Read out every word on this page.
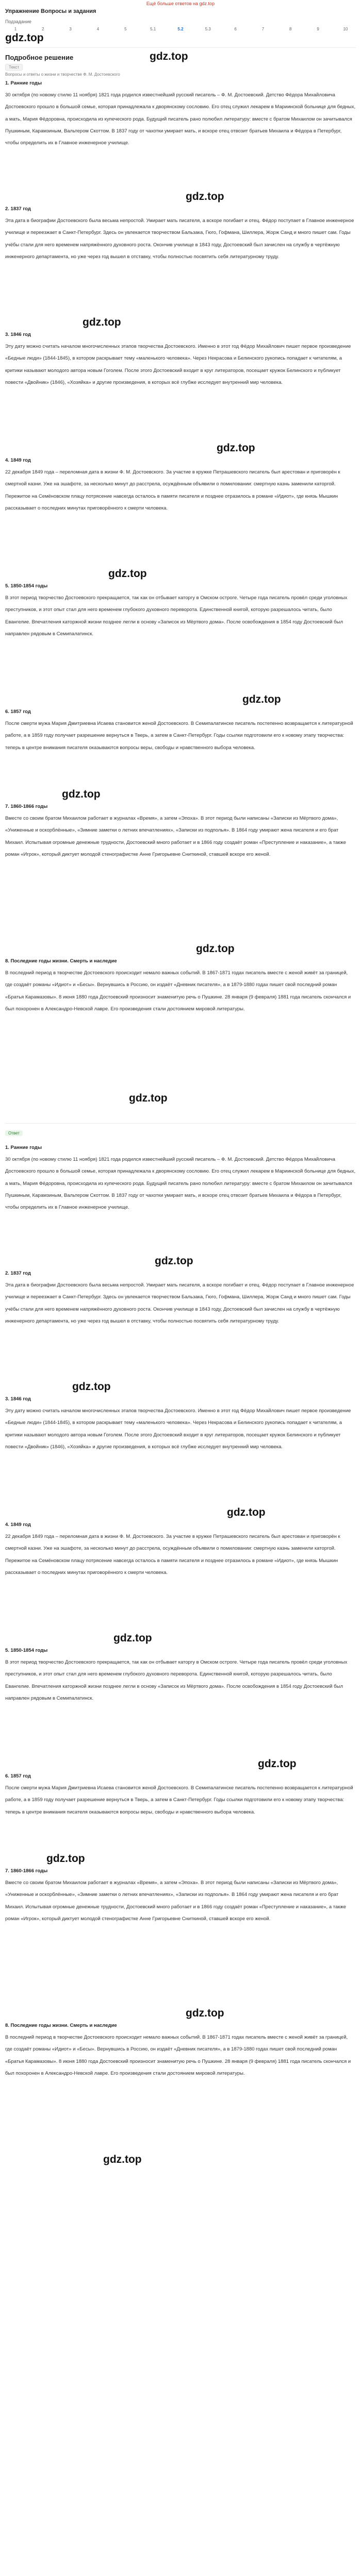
Ещё больше ответов на gdz.top
Упражнение Вопросы и задания
Подзадание
1	2	3	4	5	5.1	5.2	5.3	6	7	8	9	10
gdz.top
gdz.top
Подробное решение
Текст
Вопросы и ответы о жизни и творчестве Ф. М. Достоевского
1. Ранние годы

30 октября (по новому стилю 11 ноября) 1821 года родился известнейший русский писатель – Ф. М. Достоевский. Детство Фёдора Михайловича Достоевского прошло в большой семье, которая принадлежала к дворянскому сословию. Его отец служил лекарем в Мариинской больнице для бедных, а мать, Мария Фёдоровна, происходила из купеческого рода. Будущий писатель рано полюбил литературу: вместе с братом Михаилом он зачитывался Пушкиным, Карамзиным, Вальтером Скоттом. В 1837 году от чахотки умирает мать, и вскоре отец отвозит братьев Михаила и Фёдора в Петербург, чтобы определить их в Главное инженерное училище.

2. 1837 год

Эта дата в биографии Достоевского была весьма непростой. Умирает мать писателя, а вскоре погибает и отец. Фёдор поступает в Главное инженерное училище и переезжает в Санкт-Петербург. Здесь он увлекается творчеством Бальзака, Гюго, Гофмана, Шиллера, Жорж Санд и много пишет сам. Годы учёбы стали для него временем напряжённого духовного роста. Окончив училище в 1843 году, Достоевский был зачислен на службу в чертёжную инженерного департамента, но уже через год вышел в отставку, чтобы полностью посвятить себя литературному труду.

3. 1846 год

Эту дату можно считать началом многочисленных этапов творчества Достоевского. Именно в этот год Фёдор Михайлович пишет первое произведение «Бедные люди» (1844-1845), в котором раскрывает тему «маленького человека». Через Некрасова и Белинского рукопись попадает к читателям, а критики называют молодого автора новым Гоголем. После этого Достоевский входит в круг литераторов, посещает кружок Белинского и публикует повести «Двойник» (1846), «Хозяйка» и другие произведения, в которых всё глубже исследует внутренний мир человека.

4. 1849 год

22 декабря 1849 года – переломная дата в жизни Ф. М. Достоевского. За участие в кружке Петрашевского писатель был арестован и приговорён к смертной казни. Уже на эшафоте, за несколько минут до расстрела, осуждённым объявили о помиловании: смертную казнь заменили каторгой. Пережитое на Семёновском плацу потрясение навсегда осталось в памяти писателя и позднее отразилось в романе «Идиот», где князь Мышкин рассказывает о последних минутах приговорённого к смерти человека.

5. 1850-1854 годы

В этот период творчество Достоевского прекращается, так как он отбывает каторгу в Омском остроге. Четыре года писатель провёл среди уголовных преступников, и этот опыт стал для него временем глубокого духовного переворота. Единственной книгой, которую разрешалось читать, было Евангелие. Впечатления каторжной жизни позднее легли в основу «Записок из Мёртвого дома». После освобождения в 1854 году Достоевский был направлен рядовым в Семипалатинск.

6. 1857 год

После смерти мужа Мария Дмитриевна Исаева становится женой Достоевского. В Семипалатинске писатель постепенно возвращается к литературной работе, а в 1859 году получает разрешение вернуться в Тверь, а затем в Санкт-Петербург. Годы ссылки подготовили его к новому этапу творчества: теперь в центре внимания писателя оказываются вопросы веры, свободы и нравственного выбора человека.

7. 1860-1866 годы

Вместе со своим братом Михаилом работает в журналах «Время», а затем «Эпоха». В этот период были написаны «Записки из Мёртвого дома», «Униженные и оскорблённые», «Зимние заметки о летних впечатлениях», «Записки из подполья». В 1864 году умирают жена писателя и его брат Михаил. Испытывая огромные денежные трудности, Достоевский много работает и в 1866 году создаёт роман «Преступление и наказание», а также роман «Игрок», который диктует молодой стенографистке Анне Григорьевне Сниткиной, ставшей вскоре его женой.

8. Последние годы жизни. Смерть и наследие

В последний период в творчестве Достоевского происходит немало важных событий. В 1867-1871 годах писатель вместе с женой живёт за границей, где создаёт романы «Идиот» и «Бесы». Вернувшись в Россию, он издаёт «Дневник писателя», а в 1879-1880 годах пишет свой последний роман «Братья Карамазовы». 8 июня 1880 года Достоевский произносит знаменитую речь о Пушкине. 28 января (9 февраля) 1881 года писатель скончался и был похоронен в Александро-Невской лавре. Его произведения стали достоянием мировой литературы.

gdz.top
gdz.top
gdz.top
gdz.top
gdz.top
gdz.top
gdz.top
gdz.top
Ответ
1. Ранние годы

30 октября (по новому стилю 11 ноября) 1821 года родился известнейший русский писатель – Ф. М. Достоевский. Детство Фёдора Михайловича Достоевского прошло в большой семье, которая принадлежала к дворянскому сословию. Его отец служил лекарем в Мариинской больнице для бедных, а мать, Мария Фёдоровна, происходила из купеческого рода. Будущий писатель рано полюбил литературу: вместе с братом Михаилом он зачитывался Пушкиным, Карамзиным, Вальтером Скоттом. В 1837 году от чахотки умирает мать, и вскоре отец отвозит братьев Михаила и Фёдора в Петербург, чтобы определить их в Главное инженерное училище.

2. 1837 год

Эта дата в биографии Достоевского была весьма непростой. Умирает мать писателя, а вскоре погибает и отец. Фёдор поступает в Главное инженерное училище и переезжает в Санкт-Петербург. Здесь он увлекается творчеством Бальзака, Гюго, Гофмана, Шиллера, Жорж Санд и много пишет сам. Годы учёбы стали для него временем напряжённого духовного роста. Окончив училище в 1843 году, Достоевский был зачислен на службу в чертёжную инженерного департамента, но уже через год вышел в отставку, чтобы полностью посвятить себя литературному труду.

3. 1846 год

Эту дату можно считать началом многочисленных этапов творчества Достоевского. Именно в этот год Фёдор Михайлович пишет первое произведение «Бедные люди» (1844-1845), в котором раскрывает тему «маленького человека». Через Некрасова и Белинского рукопись попадает к читателям, а критики называют молодого автора новым Гоголем. После этого Достоевский входит в круг литераторов, посещает кружок Белинского и публикует повести «Двойник» (1846), «Хозяйка» и другие произведения, в которых всё глубже исследует внутренний мир человека.

4. 1849 год

22 декабря 1849 года – переломная дата в жизни Ф. М. Достоевского. За участие в кружке Петрашевского писатель был арестован и приговорён к смертной казни. Уже на эшафоте, за несколько минут до расстрела, осуждённым объявили о помиловании: смертную казнь заменили каторгой. Пережитое на Семёновском плацу потрясение навсегда осталось в памяти писателя и позднее отразилось в романе «Идиот», где князь Мышкин рассказывает о последних минутах приговорённого к смерти человека.

5. 1850-1854 годы

В этот период творчество Достоевского прекращается, так как он отбывает каторгу в Омском остроге. Четыре года писатель провёл среди уголовных преступников, и этот опыт стал для него временем глубокого духовного переворота. Единственной книгой, которую разрешалось читать, было Евангелие. Впечатления каторжной жизни позднее легли в основу «Записок из Мёртвого дома». После освобождения в 1854 году Достоевский был направлен рядовым в Семипалатинск.

6. 1857 год

После смерти мужа Мария Дмитриевна Исаева становится женой Достоевского. В Семипалатинске писатель постепенно возвращается к литературной работе, а в 1859 году получает разрешение вернуться в Тверь, а затем в Санкт-Петербург. Годы ссылки подготовили его к новому этапу творчества: теперь в центре внимания писателя оказываются вопросы веры, свободы и нравственного выбора человека.

7. 1860-1866 годы

Вместе со своим братом Михаилом работает в журналах «Время», а затем «Эпоха». В этот период были написаны «Записки из Мёртвого дома», «Униженные и оскорблённые», «Зимние заметки о летних впечатлениях», «Записки из подполья». В 1864 году умирают жена писателя и его брат Михаил. Испытывая огромные денежные трудности, Достоевский много работает и в 1866 году создаёт роман «Преступление и наказание», а также роман «Игрок», который диктует молодой стенографистке Анне Григорьевне Сниткиной, ставшей вскоре его женой.

8. Последние годы жизни. Смерть и наследие

В последний период в творчестве Достоевского происходит немало важных событий. В 1867-1871 годах писатель вместе с женой живёт за границей, где создаёт романы «Идиот» и «Бесы». Вернувшись в Россию, он издаёт «Дневник писателя», а в 1879-1880 годах пишет свой последний роман «Братья Карамазовы». 8 июня 1880 года Достоевский произносит знаменитую речь о Пушкине. 28 января (9 февраля) 1881 года писатель скончался и был похоронен в Александро-Невской лавре. Его произведения стали достоянием мировой литературы.

gdz.top
gdz.top
gdz.top
gdz.top
gdz.top
gdz.top
gdz.top
gdz.top
